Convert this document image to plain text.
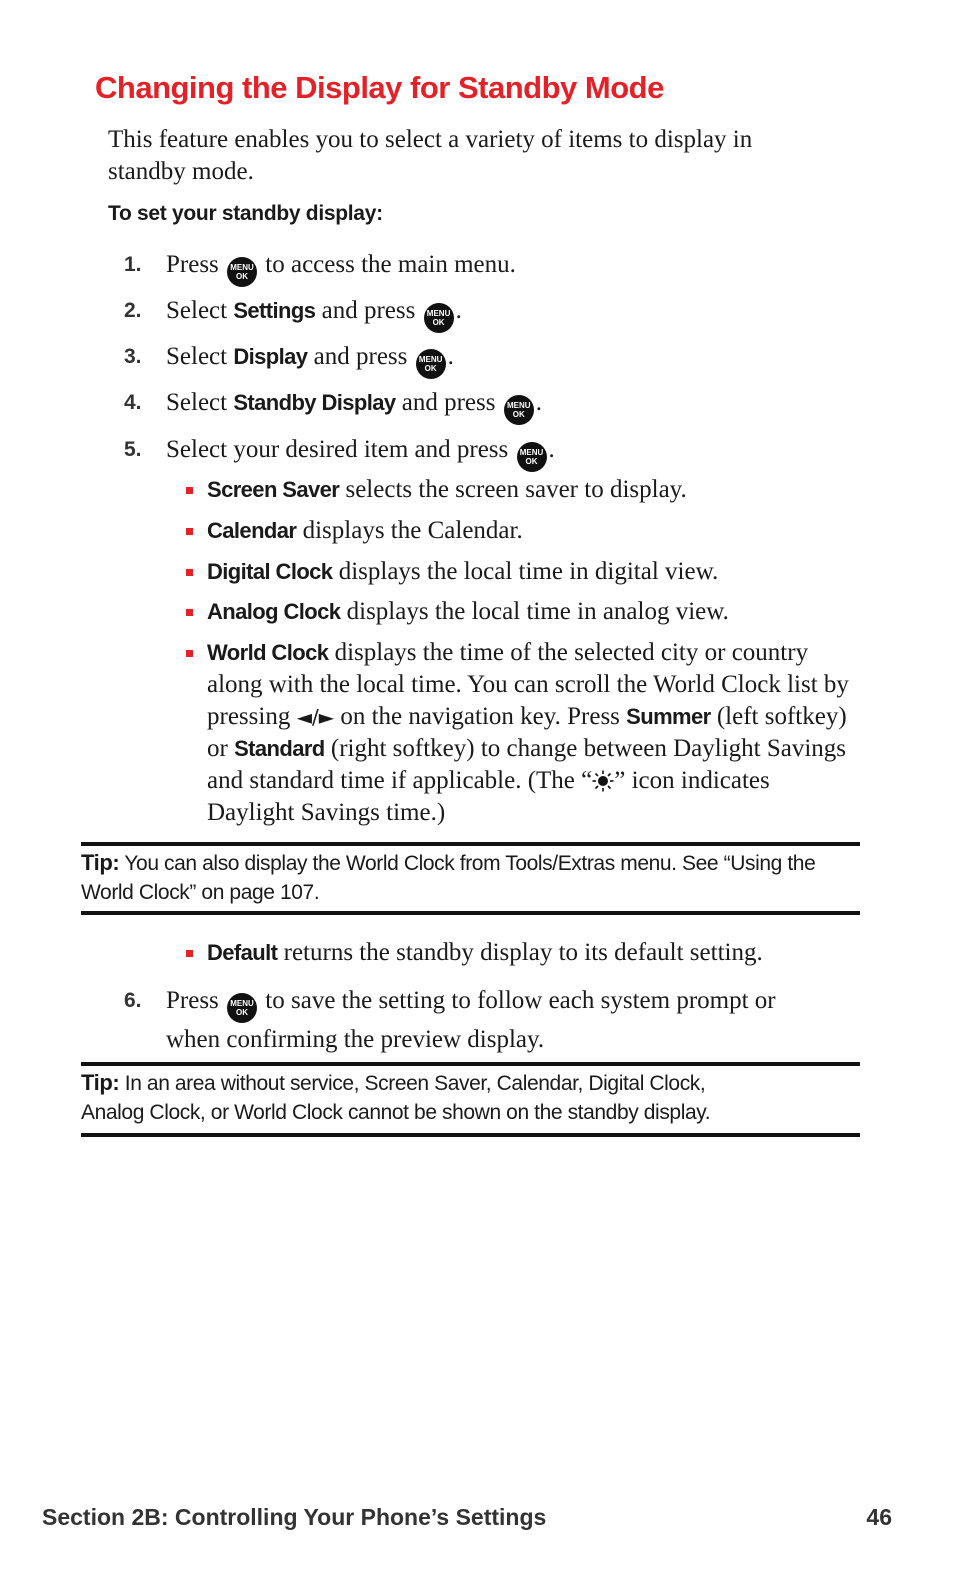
Changing the Display for Standby Mode
This feature enables you to select a variety of items to display in standby mode.
To set your standby display:
1. Press MENU
OK to access the main menu.
2. Select Settings and press MENU
OK .
3. Select Display and press MENU
OK .
4. Select Standby Display and press MENU
OK .
5. Select your desired item and press MENU
OK .
Screen Saver selects the screen saver to display.
Calendar displays the Calendar.
Digital Clock displays the local time in digital view.
Analog Clock displays the local time in analog view.
World Clock displays the time of the selected city or country along with the local time. You can scroll the World Clock list by pressing ◄/► on the navigation key. Press Summer (left softkey) or Standard (right softkey) to change between Daylight Savings and standard time if applicable. (The “ ” icon indicates Daylight Savings time.)
Tip: You can also display the World Clock from Tools/Extras menu. See “Using the World Clock” on page 107.
Default returns the standby display to its default setting.
6. Press MENU
OK to save the setting to follow each system prompt or when confirming the preview display.
Tip: In an area without service, Screen Saver, Calendar, Digital Clock, Analog Clock, or World Clock cannot be shown on the standby display.
Section 2B: Controlling Your Phone’s Settings	46
